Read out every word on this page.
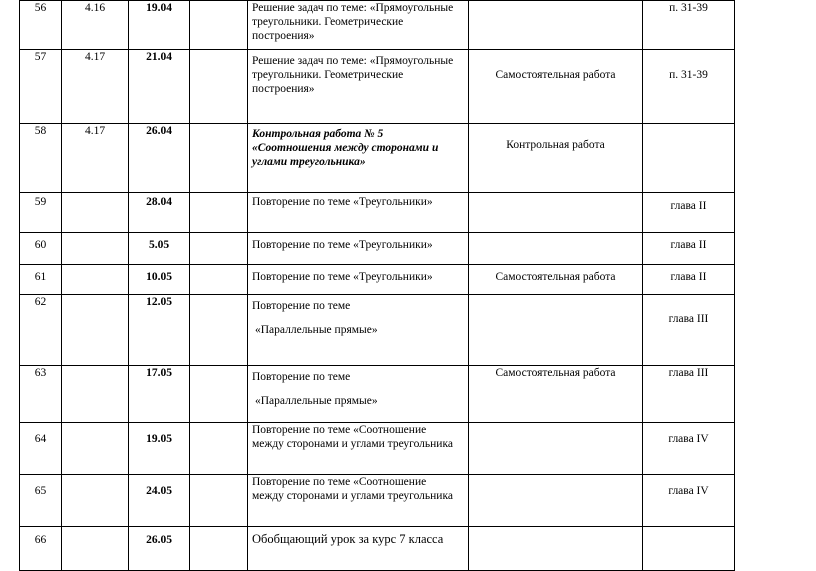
56	4.16	19.04		Решение задач по теме: «Прямоугольные
треугольники. Геометрические
построения»		п. 31-39
57	4.17	21.04		Решение задач по теме: «Прямоугольные
треугольники. Геометрические
построения»	Самостоятельная работа	п. 31-39
58	4.17	26.04		Контрольная работа № 5
«Соотношения между сторонами и
углами треугольника»	Контрольная работа	
59		28.04		Повторение по теме «Треугольники»		глава II
60		5.05		Повторение по теме «Треугольники»		глава II
61		10.05		Повторение по теме «Треугольники»	Самостоятельная работа	глава II
62		12.05		Повторение по теме
«Параллельные прямые»		глава III
63		17.05		Повторение по теме
«Параллельные прямые»	Самостоятельная работа	глава III
64		19.05		Повторение по теме «Соотношение
между сторонами и углами треугольника		глава IV
65		24.05		Повторение по теме «Соотношение
между сторонами и углами треугольника		глава IV
66		26.05		Обобщающий урок за курс 7 класса		
